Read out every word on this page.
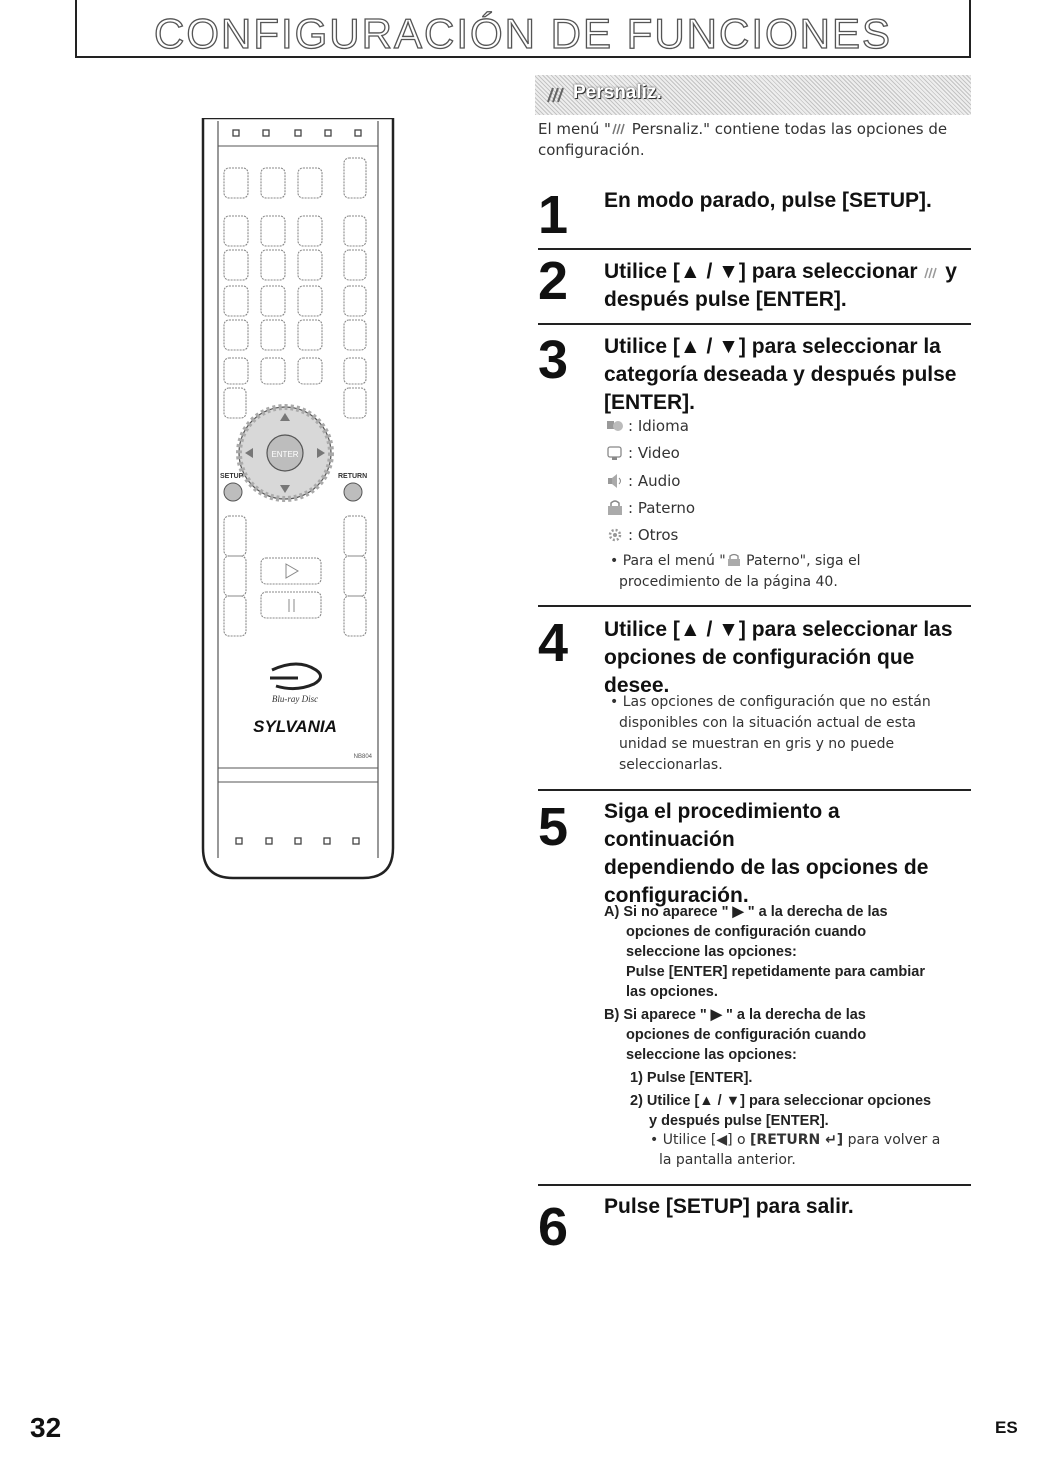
CONFIGURACIÓN DE FUNCIONES
ENTER
SETUP	RETURN
Blu-ray Disc
SYLVANIA
NB804
Persnaliz.
El menú " Persnaliz." contiene todas las opciones de
configuración.
1 En modo parado, pulse [SETUP].
2 Utilice [▲ / ▼] para seleccionar y
después pulse [ENTER].
3 Utilice [▲ / ▼] para seleccionar la
categoría deseada y después pulse
[ENTER].
: Idioma
: Video
: Audio
: Paterno
: Otros
• Para el menú " Paterno", siga el
procedimiento de la página 40.
4 Utilice [▲ / ▼] para seleccionar las
opciones de configuración que
desee.
• Las opciones de configuración que no están
disponibles con la situación actual de esta
unidad se muestran en gris y no puede
seleccionarlas.
5 Siga el procedimiento a continuación
dependiendo de las opciones de
configuración.
A) Si no aparece " ▶ " a la derecha de las
opciones de configuración cuando
seleccione las opciones:
Pulse [ENTER] repetidamente para cambiar
las opciones.
B) Si aparece " ▶ " a la derecha de las
opciones de configuración cuando
seleccione las opciones:
1) Pulse [ENTER].
2) Utilice [▲ / ▼] para seleccionar opciones
y después pulse [ENTER].
• Utilice [◀] o [RETURN ↵] para volver a
la pantalla anterior.
6 Pulse [SETUP] para salir.
32	ES
